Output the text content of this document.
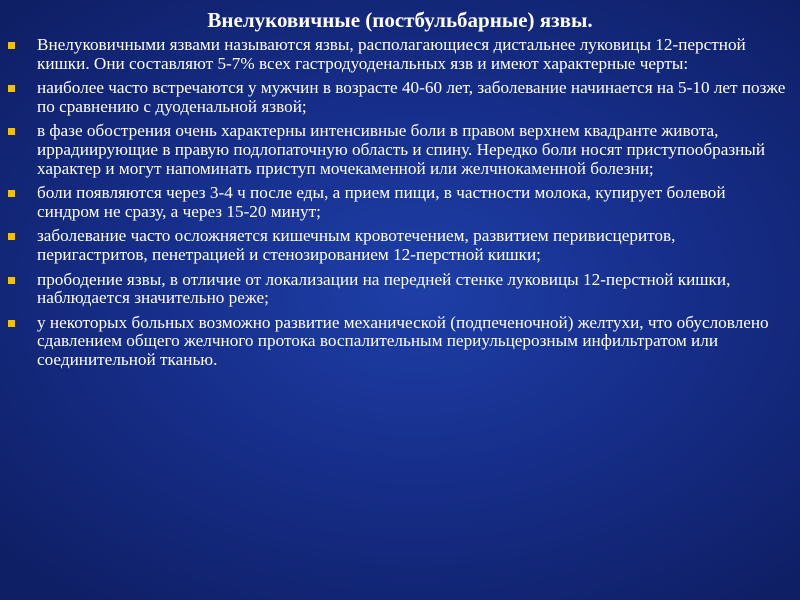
Внелуковичные (постбульбарные) язвы.
Внелуковичными язвами называются язвы, располагающиеся дистальнее луковицы 12-перстной кишки. Они составляют 5-7% всех гастродуоденальных язв и имеют характерные черты:
наиболее часто встречаются у мужчин в возрасте 40-60 лет, заболевание начинается на 5-10 лет позже по сравнению с дуоденальной язвой;
в фазе обострения очень характерны интенсивные боли в правом верхнем квадранте живота, иррадиирующие в правую подлопаточную область и спину. Нередко боли носят приступообразный характер и могут напоминать приступ мочекаменной или желчнокаменной болезни;
боли появляются через 3-4 ч после еды, а прием пищи, в частности молока, купирует болевой синдром не сразу, а через 15-20 минут;
заболевание часто осложняется кишечным кровотечением, развитием перивисцеритов, перигастритов, пенетрацией и стенозированием 12-перстной кишки;
прободение язвы, в отличие от локализации на передней стенке луковицы 12-перстной кишки, наблюдается значительно реже;
у некоторых больных возможно развитие механической (подпеченочной) желтухи, что обусловлено сдавлением общего желчного протока воспалительным периульцерозным инфильтратом или соединительной тканью.
